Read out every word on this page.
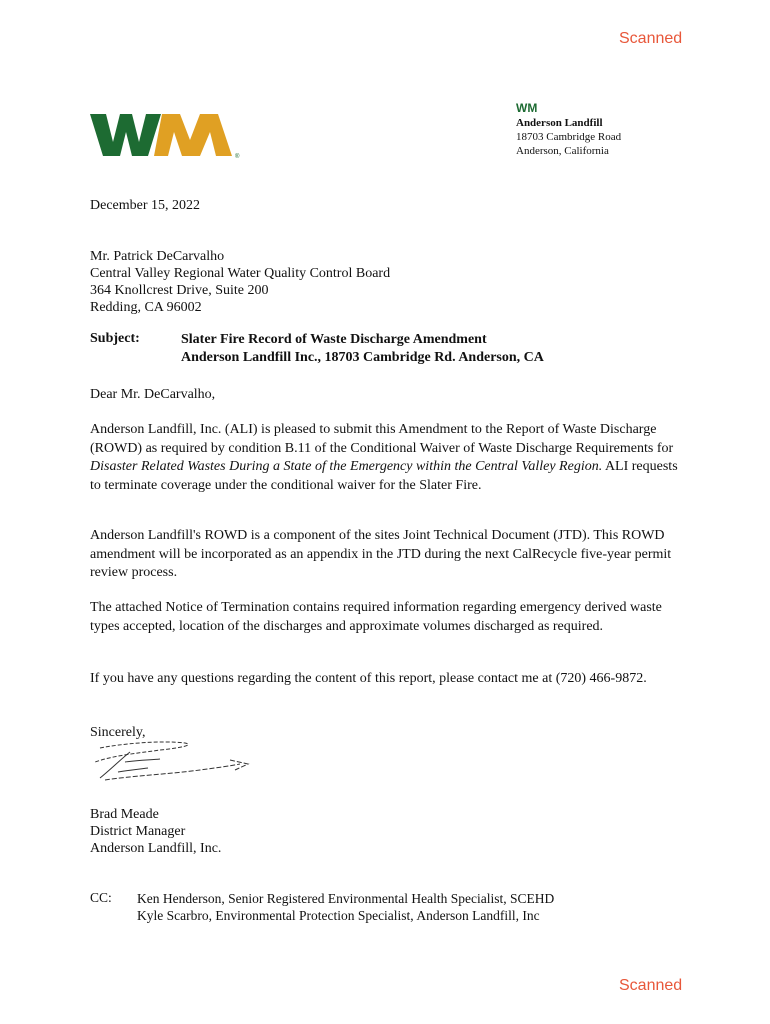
Scanned
®
WM
Anderson Landfill
18703 Cambridge Road
Anderson, California
December 15, 2022
Mr. Patrick DeCarvalho
Central Valley Regional Water Quality Control Board
364 Knollcrest Drive, Suite 200
Redding, CA 96002
Subject:	Slater Fire Record of Waste Discharge Amendment
Anderson Landfill Inc., 18703 Cambridge Rd. Anderson, CA
Dear Mr. DeCarvalho,
Anderson Landfill, Inc. (ALI) is pleased to submit this Amendment to the Report of Waste Discharge (ROWD) as required by condition B.11 of the Conditional Waiver of Waste Discharge Requirements for Disaster Related Wastes During a State of the Emergency within the Central Valley Region. ALI requests to terminate coverage under the conditional waiver for the Slater Fire.
Anderson Landfill's ROWD is a component of the sites Joint Technical Document (JTD). This ROWD amendment will be incorporated as an appendix in the JTD during the next CalRecycle five-year permit review process.
The attached Notice of Termination contains required information regarding emergency derived waste types accepted, location of the discharges and approximate volumes discharged as required.
If you have any questions regarding the content of this report, please contact me at (720) 466-9872.
Sincerely,
Brad Meade
District Manager
Anderson Landfill, Inc.
CC: Ken Henderson, Senior Registered Environmental Health Specialist, SCEHD
Kyle Scarbro, Environmental Protection Specialist, Anderson Landfill, Inc
Scanned
